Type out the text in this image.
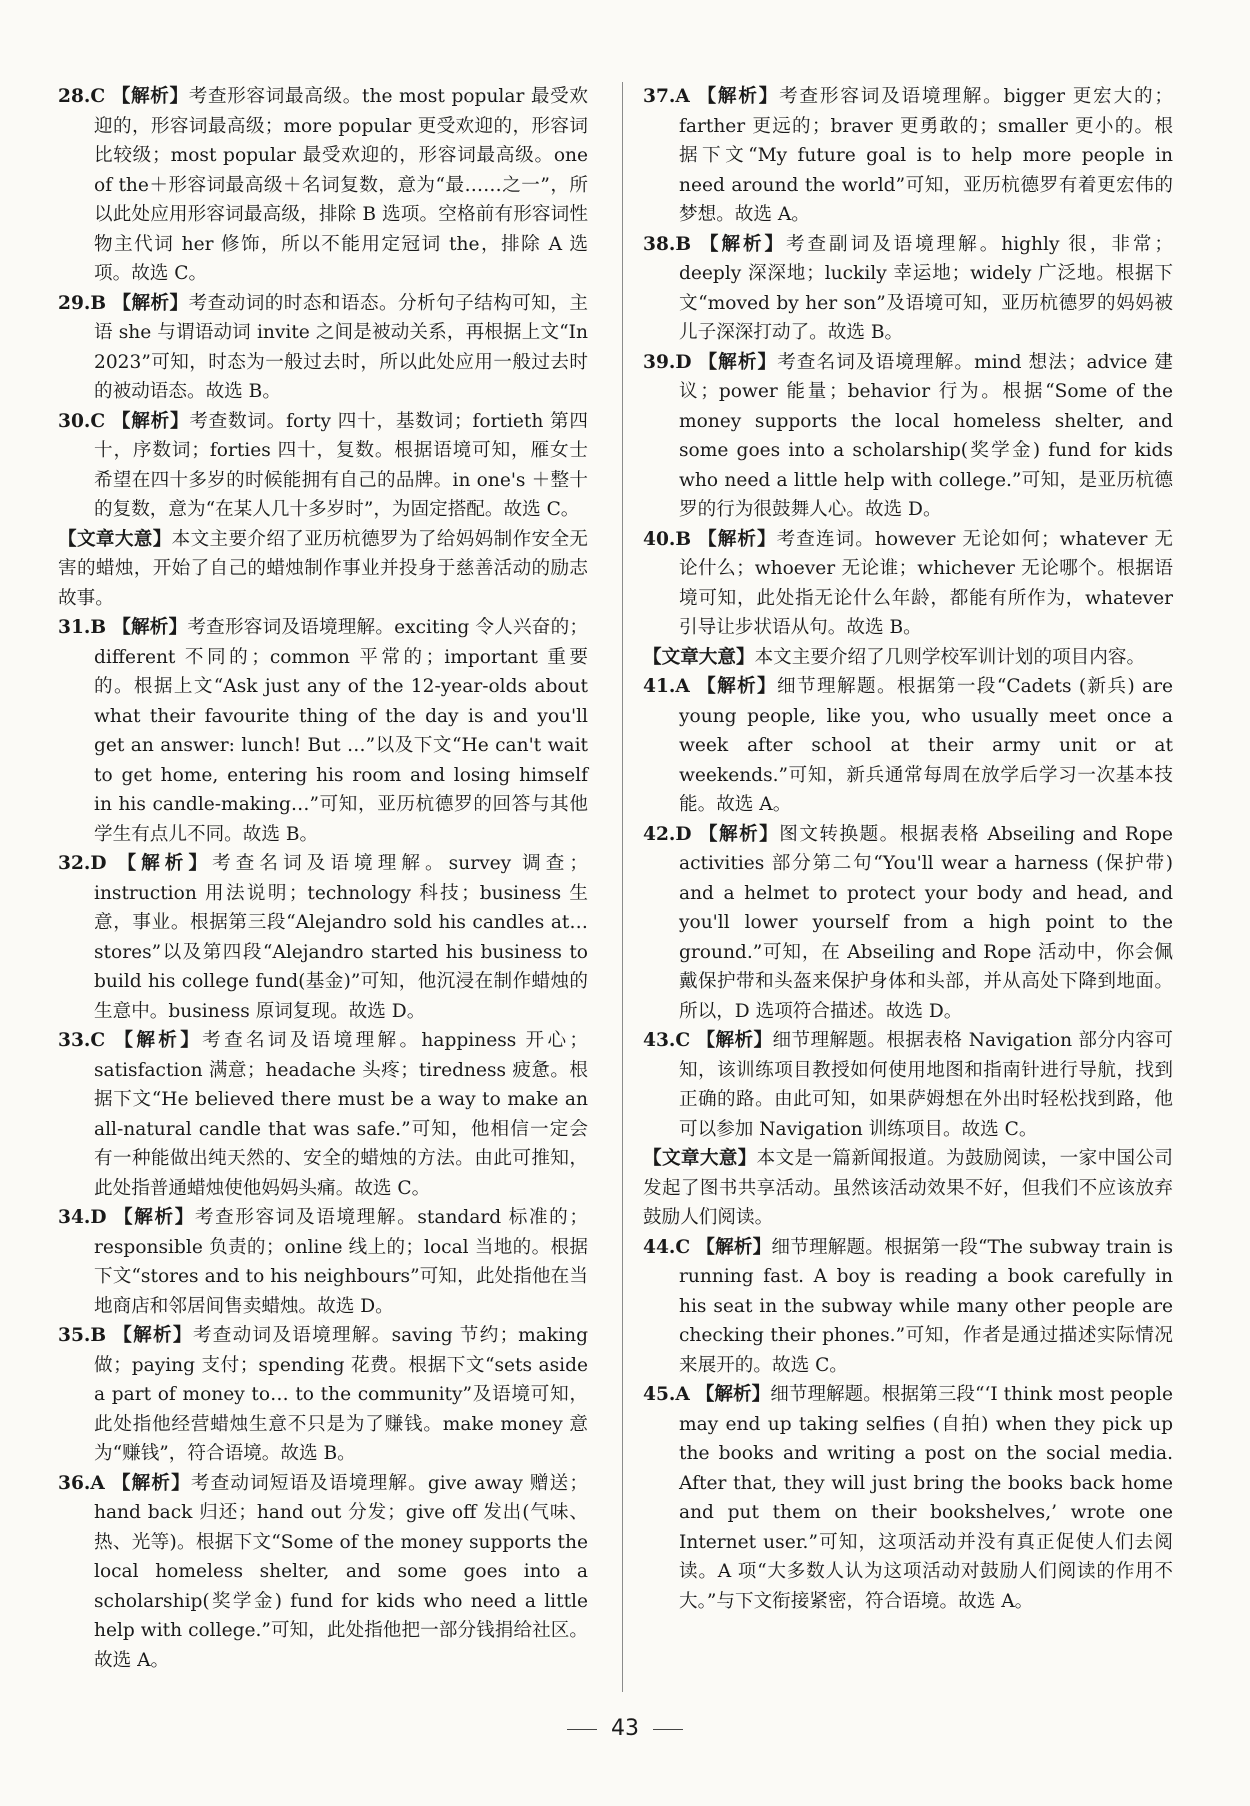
28.C 【解析】考查形容词最高级。the most popular 最受欢迎的，形容词最高级；more popular 更受欢迎的，形容词比较级；most popular 最受欢迎的，形容词最高级。one of the＋形容词最高级＋名词复数，意为“最……之一”，所以此处应用形容词最高级，排除 B 选项。空格前有形容词性物主代词 her 修饰，所以不能用定冠词 the，排除 A 选项。故选 C。

29.B 【解析】考查动词的时态和语态。分析句子结构可知，主语 she 与谓语动词 invite 之间是被动关系，再根据上文“In 2023”可知，时态为一般过去时，所以此处应用一般过去时的被动语态。故选 B。

30.C 【解析】考查数词。forty 四十，基数词；fortieth 第四十，序数词；forties 四十，复数。根据语境可知，雁女士希望在四十多岁的时候能拥有自己的品牌。in one's ＋整十的复数，意为“在某人几十多岁时”，为固定搭配。故选 C。

【文章大意】本文主要介绍了亚历杭德罗为了给妈妈制作安全无害的蜡烛，开始了自己的蜡烛制作事业并投身于慈善活动的励志故事。

31.B 【解析】考查形容词及语境理解。exciting 令人兴奋的；different 不同的；common 平常的；important 重要的。根据上文“Ask just any of the 12-year-olds about what their favourite thing of the day is and you'll get an answer: lunch! But …”以及下文“He can't wait to get home, entering his room and losing himself in his candle-making…”可知，亚历杭德罗的回答与其他学生有点儿不同。故选 B。

32.D 【解析】考查名词及语境理解。survey 调查；instruction 用法说明；technology 科技；business 生意，事业。根据第三段“Alejandro sold his candles at… stores”以及第四段“Alejandro started his business to build his college fund(基金)”可知，他沉浸在制作蜡烛的生意中。business 原词复现。故选 D。

33.C 【解析】考查名词及语境理解。happiness 开心；satisfaction 满意；headache 头疼；tiredness 疲惫。根据下文“He believed there must be a way to make an all-natural candle that was safe.”可知，他相信一定会有一种能做出纯天然的、安全的蜡烛的方法。由此可推知，此处指普通蜡烛使他妈妈头痛。故选 C。

34.D 【解析】考查形容词及语境理解。standard 标准的；responsible 负责的；online 线上的；local 当地的。根据下文“stores and to his neighbours”可知，此处指他在当地商店和邻居间售卖蜡烛。故选 D。

35.B 【解析】考查动词及语境理解。saving 节约；making 做；paying 支付；spending 花费。根据下文“sets aside a part of money to… to the community”及语境可知，此处指他经营蜡烛生意不只是为了赚钱。make money 意为“赚钱”，符合语境。故选 B。

36.A 【解析】考查动词短语及语境理解。give away 赠送；hand back 归还；hand out 分发；give off 发出(气味、热、光等)。根据下文“Some of the money supports the local homeless shelter, and some goes into a scholarship(奖学金) fund for kids who need a little help with college.”可知，此处指他把一部分钱捐给社区。故选 A。

37.A 【解析】考查形容词及语境理解。bigger 更宏大的；farther 更远的；braver 更勇敢的；smaller 更小的。根据下文“My future goal is to help more people in need around the world”可知，亚历杭德罗有着更宏伟的梦想。故选 A。

38.B 【解析】考查副词及语境理解。highly 很，非常；deeply 深深地；luckily 幸运地；widely 广泛地。根据下文“moved by her son”及语境可知，亚历杭德罗的妈妈被儿子深深打动了。故选 B。

39.D 【解析】考查名词及语境理解。mind 想法；advice 建议；power 能量；behavior 行为。根据“Some of the money supports the local homeless shelter, and some goes into a scholarship(奖学金) fund for kids who need a little help with college.”可知，是亚历杭德罗的行为很鼓舞人心。故选 D。

40.B 【解析】考查连词。however 无论如何；whatever 无论什么；whoever 无论谁；whichever 无论哪个。根据语境可知，此处指无论什么年龄，都能有所作为，whatever 引导让步状语从句。故选 B。

【文章大意】本文主要介绍了几则学校军训计划的项目内容。

41.A 【解析】细节理解题。根据第一段“Cadets (新兵) are young people, like you, who usually meet once a week after school at their army unit or at weekends.”可知，新兵通常每周在放学后学习一次基本技能。故选 A。

42.D 【解析】图文转换题。根据表格 Abseiling and Rope activities 部分第二句“You'll wear a harness (保护带) and a helmet to protect your body and head, and you'll lower yourself from a high point to the ground.”可知，在 Abseiling and Rope 活动中，你会佩戴保护带和头盔来保护身体和头部，并从高处下降到地面。所以，D 选项符合描述。故选 D。

43.C 【解析】细节理解题。根据表格 Navigation 部分内容可知，该训练项目教授如何使用地图和指南针进行导航，找到正确的路。由此可知，如果萨姆想在外出时轻松找到路，他可以参加 Navigation 训练项目。故选 C。

【文章大意】本文是一篇新闻报道。为鼓励阅读，一家中国公司发起了图书共享活动。虽然该活动效果不好，但我们不应该放弃鼓励人们阅读。

44.C 【解析】细节理解题。根据第一段“The subway train is running fast. A boy is reading a book carefully in his seat in the subway while many other people are checking their phones.”可知，作者是通过描述实际情况来展开的。故选 C。

45.A 【解析】细节理解题。根据第三段“‘I think most people may end up taking selfies (自拍) when they pick up the books and writing a post on the social media. After that, they will just bring the books back home and put them on their bookshelves,’ wrote one Internet user.”可知，这项活动并没有真正促使人们去阅读。A 项“大多数人认为这项活动对鼓励人们阅读的作用不大。”与下文衔接紧密，符合语境。故选 A。

43
